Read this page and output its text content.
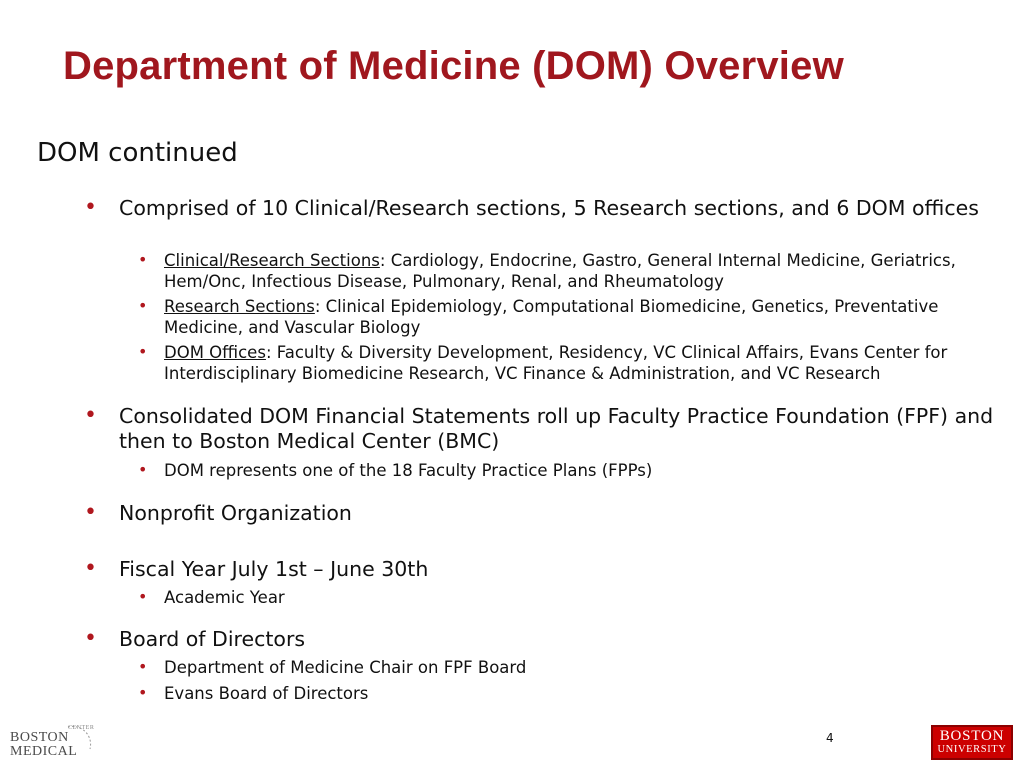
Department of Medicine (DOM) Overview
DOM continued
• Comprised of 10 Clinical/Research sections, 5 Research sections, and 6 DOM offices
• Clinical/Research Sections: Cardiology, Endocrine, Gastro, General Internal Medicine, Geriatrics, Hem/Onc, Infectious Disease, Pulmonary, Renal, and Rheumatology
• Research Sections: Clinical Epidemiology, Computational Biomedicine, Genetics, Preventative Medicine, and Vascular Biology
• DOM Offices: Faculty & Diversity Development, Residency, VC Clinical Affairs, Evans Center for Interdisciplinary Biomedicine Research, VC Finance & Administration, and VC Research
• Consolidated DOM Financial Statements roll up Faculty Practice Foundation (FPF) and then to Boston Medical Center (BMC)
• DOM represents one of the 18 Faculty Practice Plans (FPPs)
• Nonprofit Organization
• Fiscal Year July 1st – June 30th
• Academic Year
• Board of Directors
• Department of Medicine Chair on FPF Board
• Evans Board of Directors
BOSTON
MEDICAL
CENTER
4	BOSTON
UNIVERSITY
